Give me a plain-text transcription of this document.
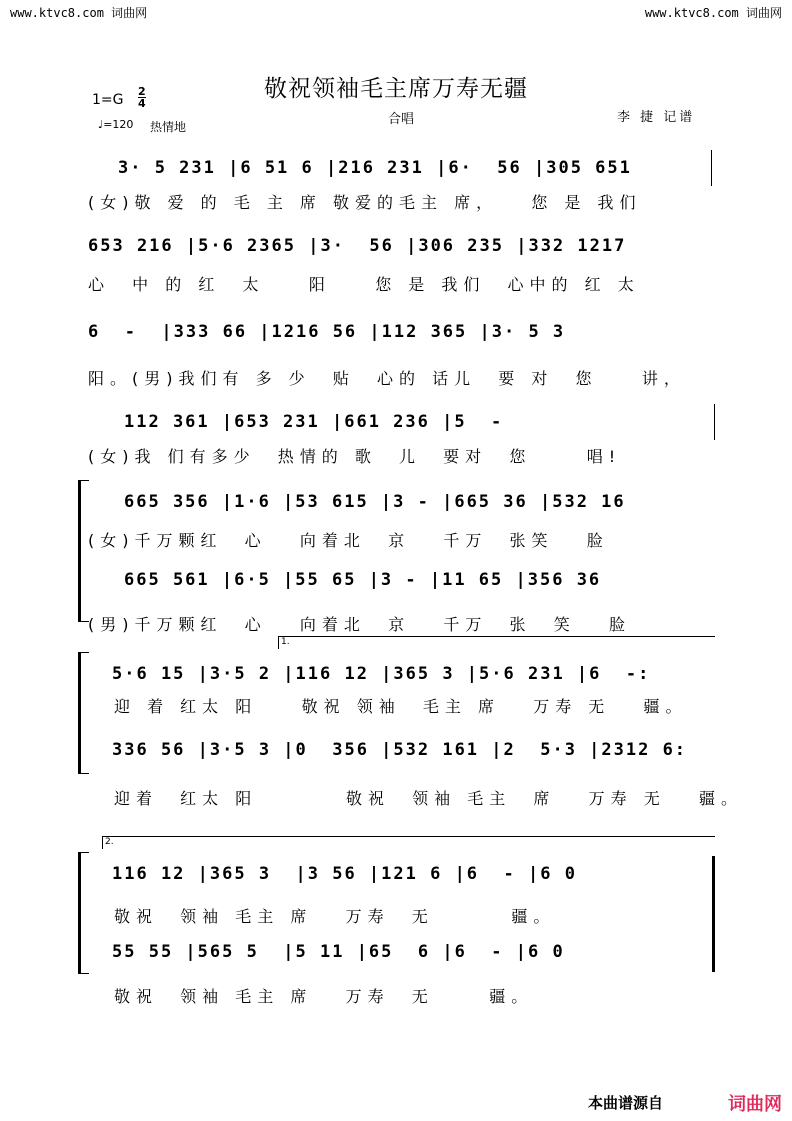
www.ktvc8.com 词曲网	www.ktvc8.com 词曲网
敬祝领袖毛主席万寿无疆
$1=G \frac{2}{4}$
♩=120 热情地	合唱	李 捷 记谱
3· 5 231 |6 51 6 |216 231 |6·  56 |305 651
(女)敬 爱 的 毛 主 席 敬爱的毛主 席，   您 是 我们
653 216 |5·6 2365 |3·  56 |306 235 |332 1217
心  中 的 红  太    阳    您 是 我们  心中的 红 太
6  -  |333 66 |1216 56 |112 365 |3· 5 3
阳。(男)我们有 多 少  贴  心的 话儿  要 对  您    讲，
112 361 |653 231 |661 236 |5  -
(女)我 们有多少  热情的 歌  儿  要对  您     唱!
665 356 |1·6 |53 615 |3 - |665 36 |532 16
(女)千万颗红  心   向着北  京   千万  张笑   脸
665 561 |6·5 |55 65 |3 - |11 65 |356 36
(男)千万颗红  心   向着北  京   千万  张  笑   脸
1.
5·6 15 |3·5 2 |116 12 |365 3 |5·6 231 |6  -:
迎 着 红太 阳    敬祝 领袖  毛主 席   万寿 无   疆。
336 56 |3·5 3 |0  356 |532 161 |2  5·3 |2312 6:
迎着  红太 阳        敬祝  领袖 毛主  席   万寿 无   疆。
2.
116 12 |365 3  |3 56 |121 6 |6  - |6 0
敬祝  领袖 毛主 席   万寿  无       疆。
55 55 |565 5  |5 11 |65  6 |6  - |6 0
敬祝  领袖 毛主 席   万寿  无     疆。
本曲谱源自	词曲网
